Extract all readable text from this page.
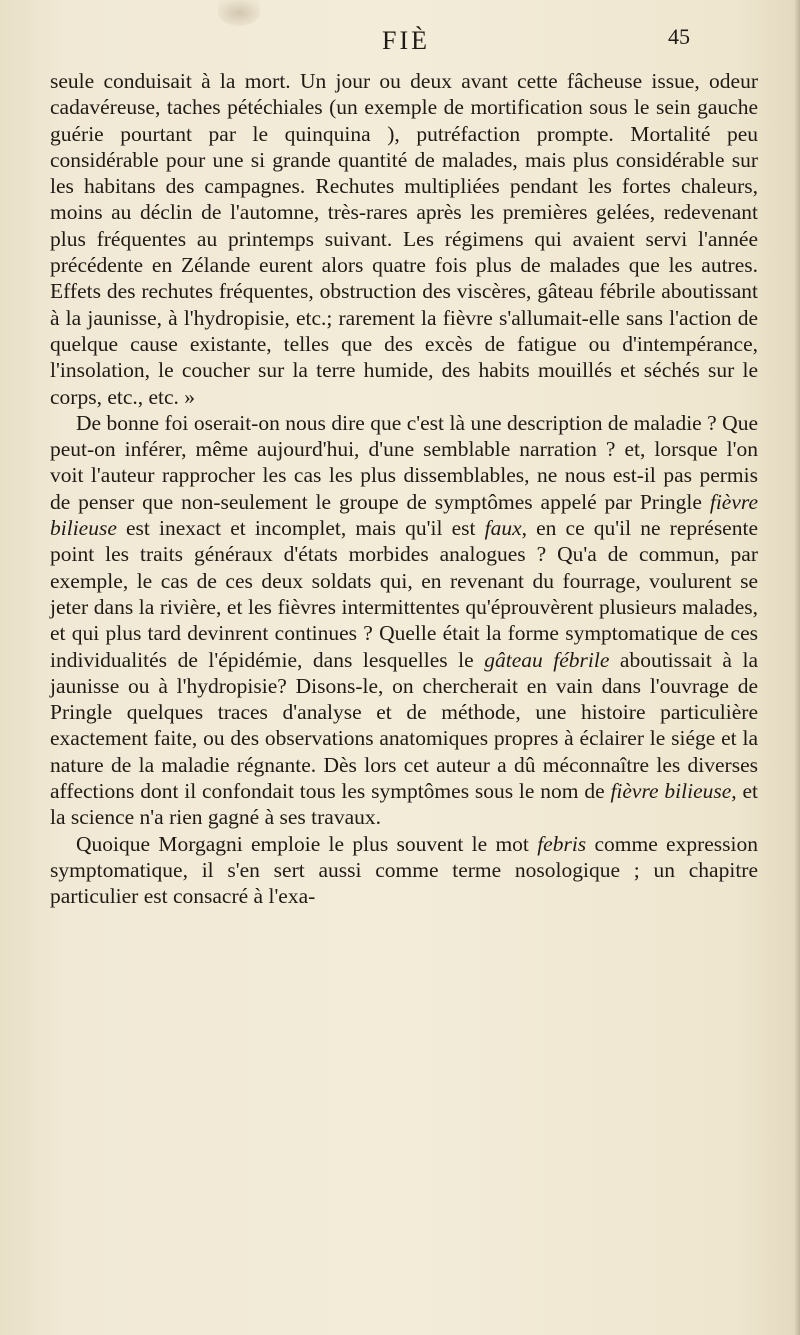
FIÈ	45

seule conduisait à la mort. Un jour ou deux avant cette fâcheuse issue, odeur cadavéreuse, taches pétéchiales (un exemple de mortification sous le sein gauche guérie pourtant par le quinquina ), putréfaction prompte. Mortalité peu considérable pour une si grande quantité de malades, mais plus considérable sur les habitans des campagnes. Rechutes multipliées pendant les fortes chaleurs, moins au déclin de l'automne, très-rares après les premières gelées, redevenant plus fréquentes au printemps suivant. Les régimens qui avaient servi l'année précédente en Zélande eurent alors quatre fois plus de malades que les autres. Effets des rechutes fréquentes, obstruction des viscères, gâteau fébrile aboutissant à la jaunisse, à l'hydropisie, etc.; rarement la fièvre s'allumait-elle sans l'action de quelque cause existante, telles que des excès de fatigue ou d'intempérance, l'insolation, le coucher sur la terre humide, des habits mouillés et séchés sur le corps, etc., etc. »

De bonne foi oserait-on nous dire que c'est là une description de maladie ? Que peut-on inférer, même aujourd'hui, d'une semblable narration ? et, lorsque l'on voit l'auteur rapprocher les cas les plus dissemblables, ne nous est-il pas permis de penser que non-seulement le groupe de symptômes appelé par Pringle fièvre bilieuse est inexact et incomplet, mais qu'il est faux, en ce qu'il ne représente point les traits généraux d'états morbides analogues ? Qu'a de commun, par exemple, le cas de ces deux soldats qui, en revenant du fourrage, voulurent se jeter dans la rivière, et les fièvres intermittentes qu'éprouvèrent plusieurs malades, et qui plus tard devinrent continues ? Quelle était la forme symptomatique de ces individualités de l'épidémie, dans lesquelles le gâteau fébrile aboutissait à la jaunisse ou à l'hydropisie? Disons-le, on chercherait en vain dans l'ouvrage de Pringle quelques traces d'analyse et de méthode, une histoire particulière exactement faite, ou des observations anatomiques propres à éclairer le siége et la nature de la maladie régnante. Dès lors cet auteur a dû méconnaître les diverses affections dont il confondait tous les symptômes sous le nom de fièvre bilieuse, et la science n'a rien gagné à ses travaux.

Quoique Morgagni emploie le plus souvent le mot febris comme expression symptomatique, il s'en sert aussi comme terme nosologique ; un chapitre particulier est consacré à l'exa-
